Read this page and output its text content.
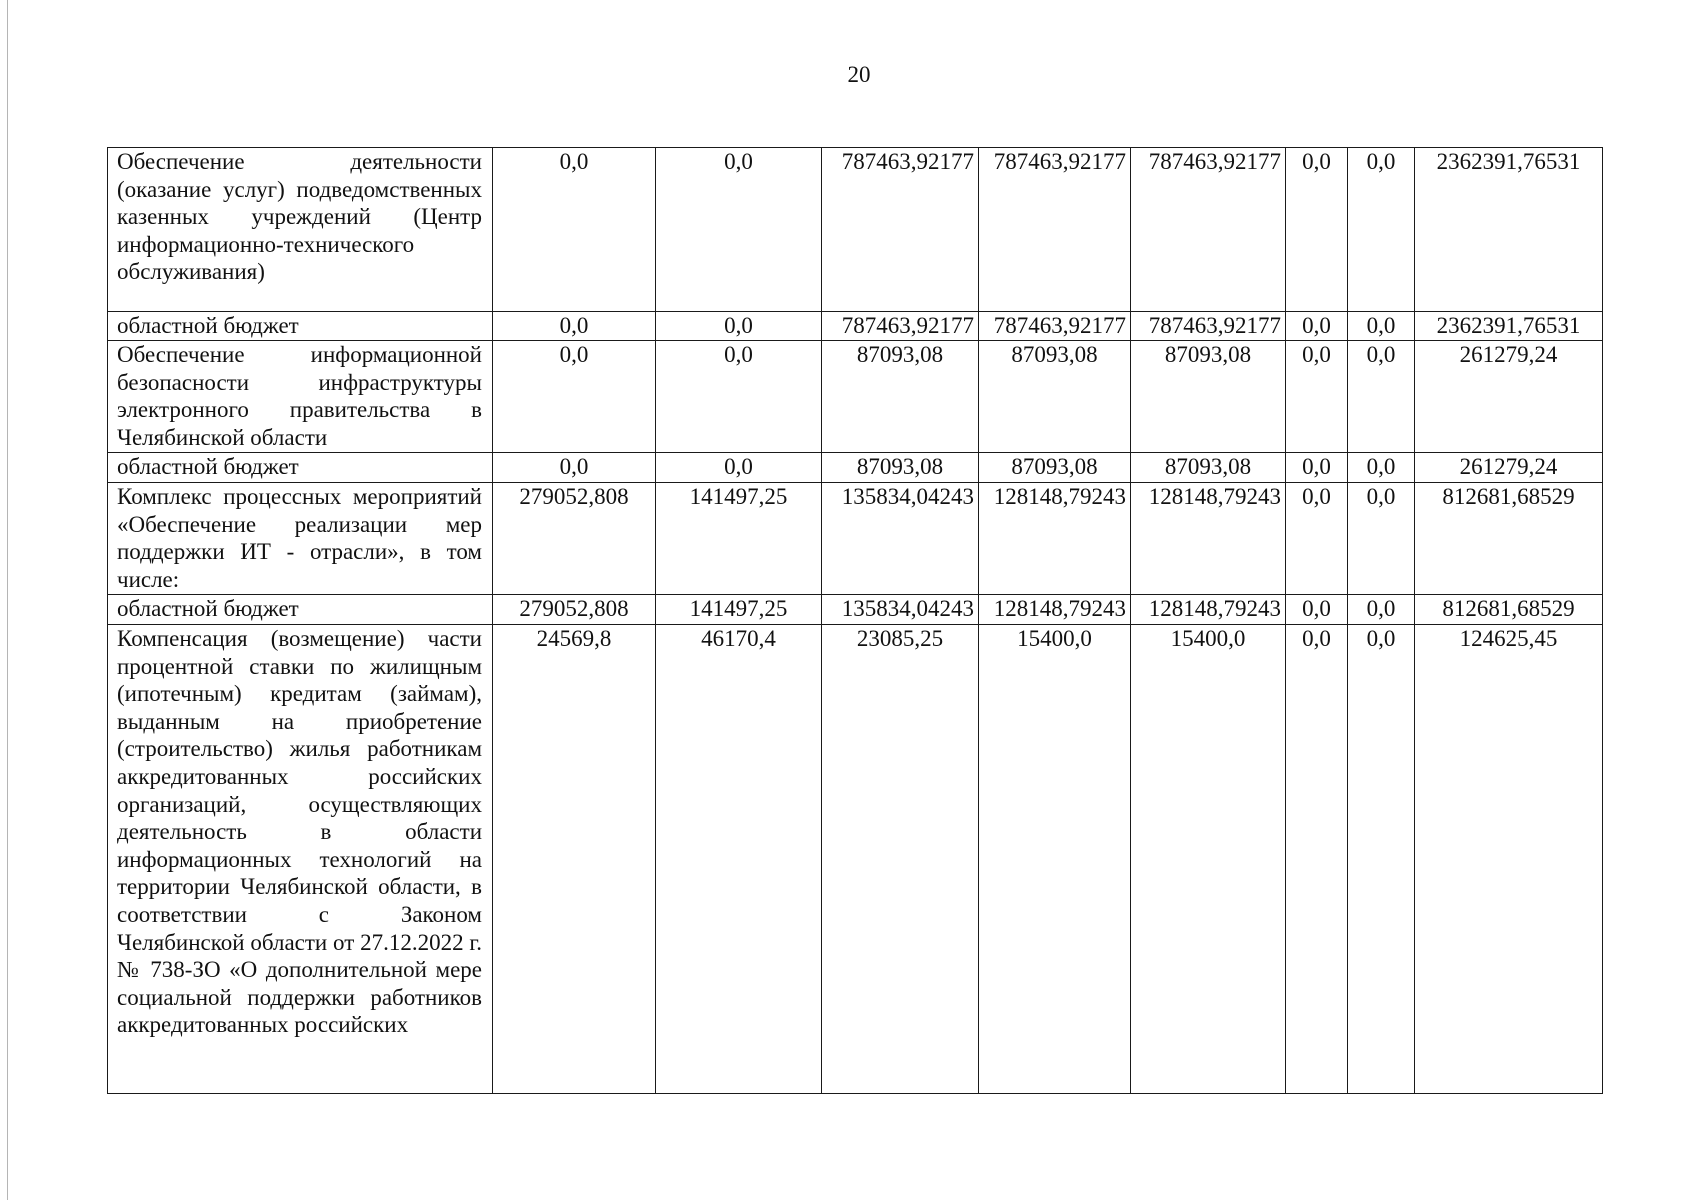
20
Обеспечение деятельности (оказание услуг) подведомственных казенных учреждений (Центр информационно-технического обслуживания)	0,0	0,0	787463,92177	787463,92177	787463,92177	0,0	0,0	2362391,76531
областной бюджет	0,0	0,0	787463,92177	787463,92177	787463,92177	0,0	0,0	2362391,76531
Обеспечение информационной безопасности инфраструктуры электронного правительства в Челябинской области	0,0	0,0	87093,08	87093,08	87093,08	0,0	0,0	261279,24
областной бюджет	0,0	0,0	87093,08	87093,08	87093,08	0,0	0,0	261279,24
Комплекс процессных мероприятий «Обеспечение реализации мер поддержки ИТ - отрасли», в том числе:	279052,808	141497,25	135834,04243	128148,79243	128148,79243	0,0	0,0	812681,68529
областной бюджет	279052,808	141497,25	135834,04243	128148,79243	128148,79243	0,0	0,0	812681,68529
Компенсация (возмещение) части процентной ставки по жилищным (ипотечным) кредитам (займам), выданным на приобретение (строительство) жилья работникам аккредитованных российских организаций, осуществляющих деятельность в области информационных технологий на территории Челябинской области, в соответствии с Законом Челябинской области от 27.12.2022 г. № 738-ЗО «О дополнительной мере социальной поддержки работников аккредитованных российских	24569,8	46170,4	23085,25	15400,0	15400,0	0,0	0,0	124625,45
